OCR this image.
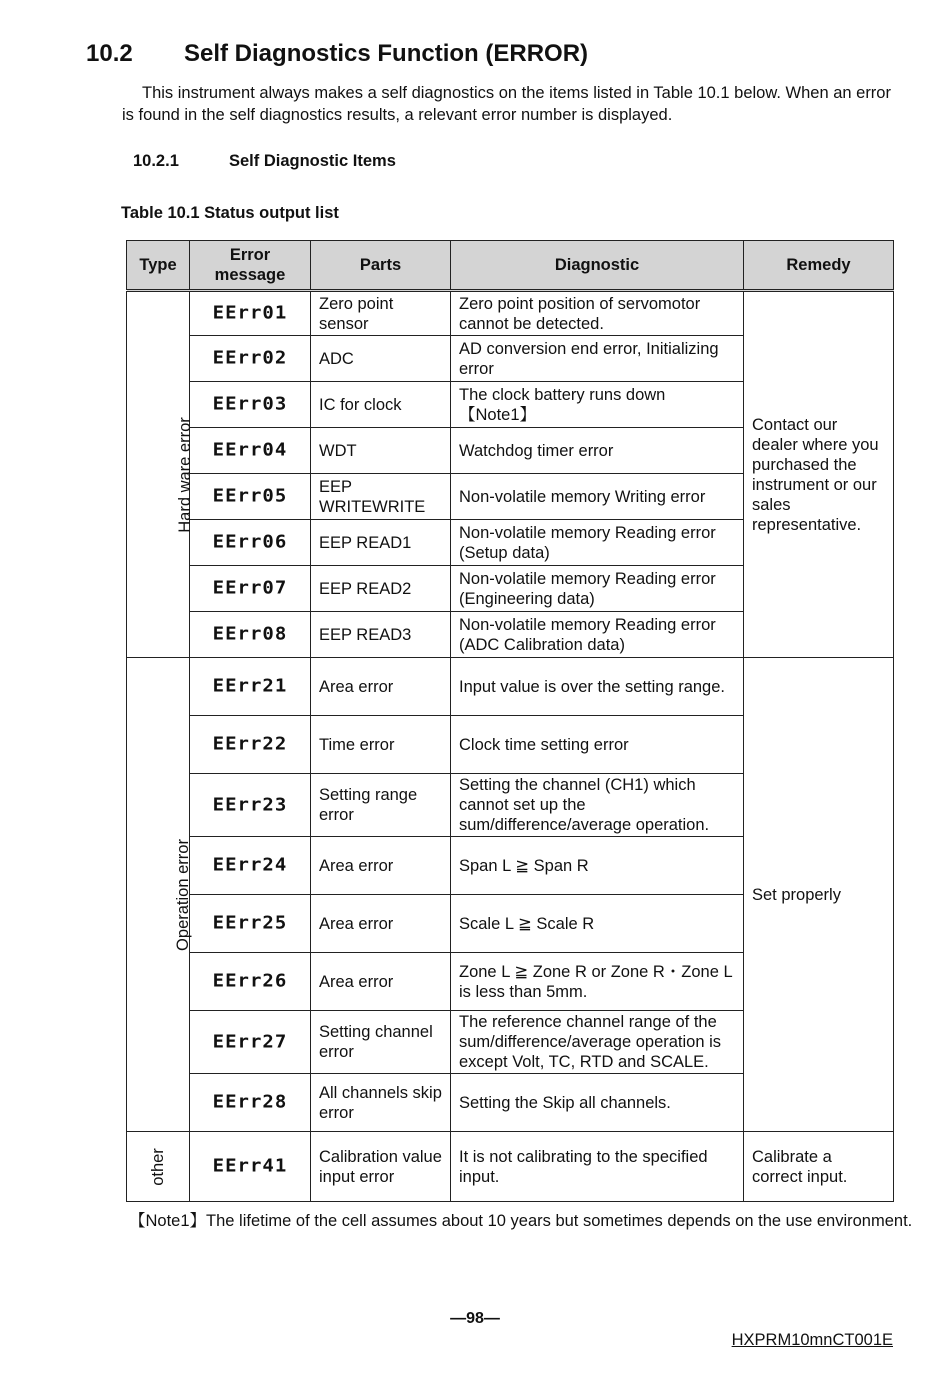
10.2 Self Diagnostics Function (ERROR)
This instrument always makes a self diagnostics on the items listed in Table 10.1 below. When an error is found in the self diagnostics results, a relevant error number is displayed.
10.2.1	Self Diagnostic Items
Table 10.1 Status output list
Type	Error message	Parts	Diagnostic	Remedy
Hard ware error	EErr01	Zero point sensor	Zero point position of servomotor cannot be detected.	Contact our dealer where you purchased the instrument or our sales representative.
	EErr02	ADC	AD conversion end error, Initializing error	
	EErr03	IC for clock	The clock battery runs down 【Note1】	
	EErr04	WDT	Watchdog timer error	
	EErr05	EEP WRITEWRITE	Non-volatile memory Writing error	
	EErr06	EEP READ1	Non-volatile memory Reading error (Setup data)	
	EErr07	EEP READ2	Non-volatile memory Reading error (Engineering data)	
	EErr08	EEP READ3	Non-volatile memory Reading error (ADC Calibration data)	
Operation error	EErr21	Area error	Input value is over the setting range.	Set properly
	EErr22	Time error	Clock time setting error	
	EErr23	Setting range error	Setting the channel (CH1) which cannot set up the sum/difference/average operation.	
	EErr24	Area error	Span L ≧ Span R	
	EErr25	Area error	Scale L ≧ Scale R	
	EErr26	Area error	Zone L ≧ Zone R or Zone R・Zone L is less than 5mm.	
	EErr27	Setting channel error	The reference channel range of the sum/difference/average operation is except Volt, TC, RTD and SCALE.	
	EErr28	All channels skip error	Setting the Skip all channels.	
other	EErr41	Calibration value input error	It is not calibrating to the specified input.	Calibrate a correct input.
【Note1】The lifetime of the cell assumes about 10 years but sometimes depends on the use environment.
—98—
HXPRM10mnCT001E
